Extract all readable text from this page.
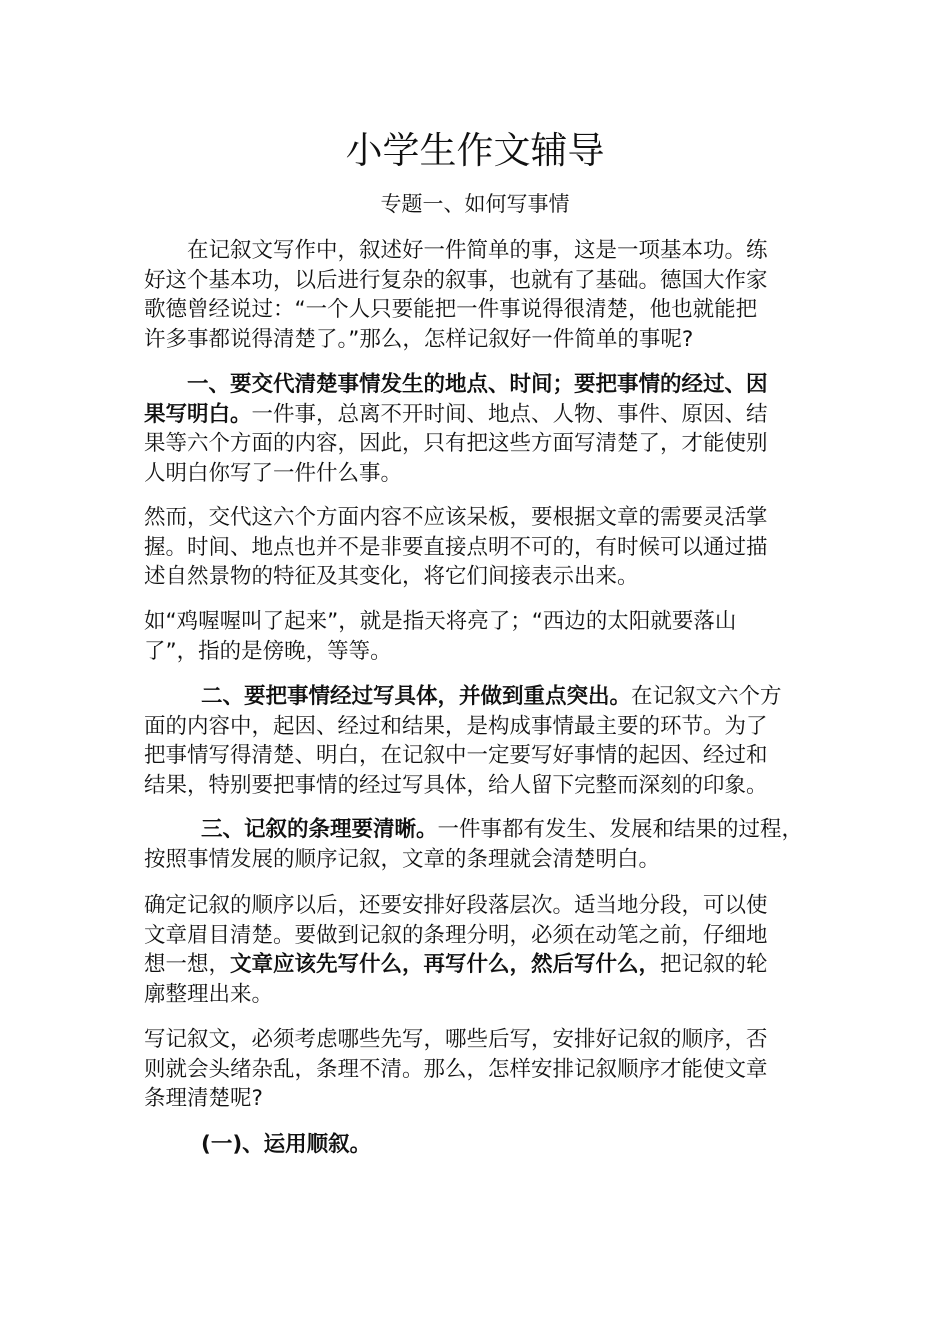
小学生作文辅导

专题一、如何写事情

在记叙文写作中，叙述好一件简单的事，这是一项基本功。练
好这个基本功，以后进行复杂的叙事，也就有了基础。德国大作家
歌德曾经说过：“一个人只要能把一件事说得很清楚，他也就能把
许多事都说得清楚了。”那么，怎样记叙好一件简单的事呢?

一、要交代清楚事情发生的地点、时间；要把事情的经过、因
果写明白。一件事，总离不开时间、地点、人物、事件、原因、结
果等六个方面的内容，因此，只有把这些方面写清楚了，才能使别
人明白你写了一件什么事。

然而，交代这六个方面内容不应该呆板，要根据文章的需要灵活掌
握。时间、地点也并不是非要直接点明不可的，有时候可以通过描
述自然景物的特征及其变化，将它们间接表示出来。

如“鸡喔喔叫了起来”，就是指天将亮了；“西边的太阳就要落山
了”，指的是傍晚，等等。

二、要把事情经过写具体，并做到重点突出。在记叙文六个方
面的内容中，起因、经过和结果，是构成事情最主要的环节。为了
把事情写得清楚、明白，在记叙中一定要写好事情的起因、经过和
结果，特别要把事情的经过写具体，给人留下完整而深刻的印象。

三、记叙的条理要清晰。一件事都有发生、发展和结果的过程，
按照事情发展的顺序记叙，文章的条理就会清楚明白。

确定记叙的顺序以后，还要安排好段落层次。适当地分段，可以使
文章眉目清楚。要做到记叙的条理分明，必须在动笔之前，仔细地
想一想，文章应该先写什么，再写什么，然后写什么，把记叙的轮
廓整理出来。

写记叙文，必须考虑哪些先写，哪些后写，安排好记叙的顺序，否
则就会头绪杂乱，条理不清。那么，怎样安排记叙顺序才能使文章
条理清楚呢?

(一)、运用顺叙。
